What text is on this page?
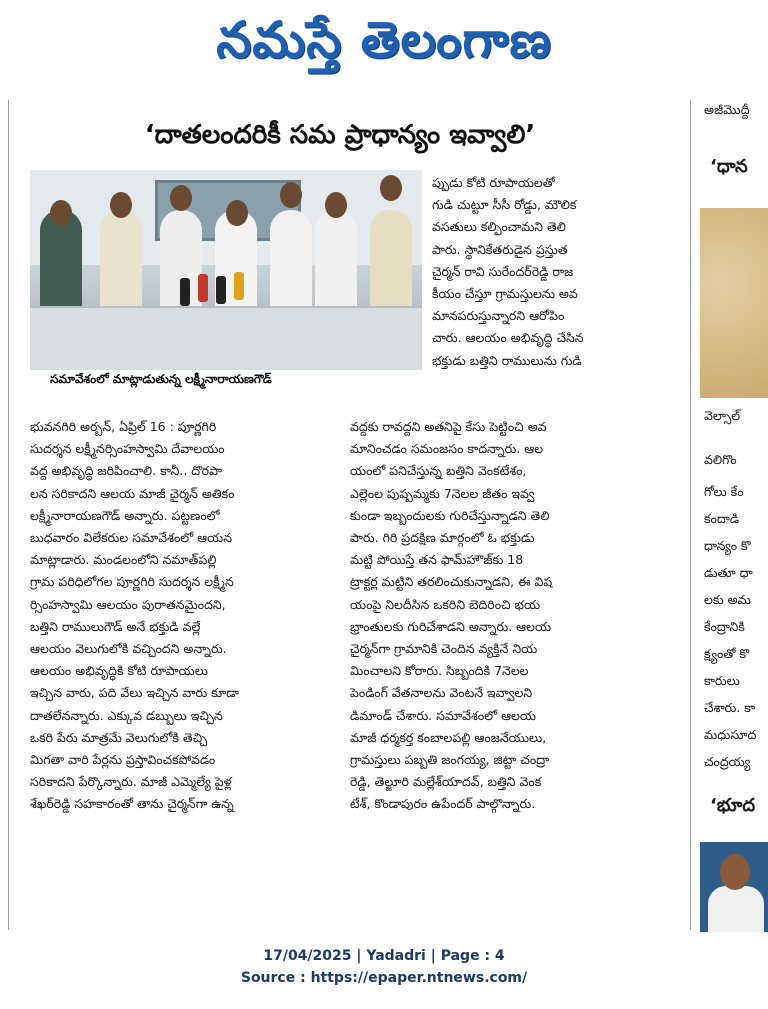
నమస్తే తెలంగాణ
‘దాతలందరికీ సమ ప్రాధాన్యం ఇవ్వాలి’
సమావేశంలో మాట్లాడుతున్న లక్ష్మీనారాయణగౌడ్
ప్పుడు కోటి రూపాయలతో
గుడి చుట్టూ సీసీ రోడ్డు, మౌలిక
వసతులు కల్పించామని తెలి
పారు. స్థానికేతరుడైన ప్రస్తుత
చైర్మన్ రావి సురేందర్‌రెడ్డి రాజ
కీయం చేస్తూ గ్రామస్తులను అవ
మానపరుస్తున్నారని ఆరోపిం
చారు. ఆలయం అభివృద్ధి చేసిన
భక్తుడు బత్తిని రాములును గుడి
భువనగిరి అర్బన్, ఏప్రిల్ 16 : పూర్ణగిరి
సుదర్శన లక్ష్మీనర్సింహస్వామి దేవాలయం
వద్ద అభివృద్ధి జరిపించాలి. కానీ.. దొరపా
లన సరికాదని ఆలయ మాజీ చైర్మన్ అతికం
లక్ష్మీనారాయణగౌడ్ అన్నారు. పట్టణంలో
బుధవారం విలేకరుల సమావేశంలో ఆయన
మాట్లాడారు. మండలంలోని నమాత్‌పల్లి
గ్రామ పరిధిలోగల పూర్ణగిరి సుదర్శన లక్ష్మీన
ర్సింహస్వామి ఆలయం పురాతనమైందని,
బత్తిని రాములుగౌడ్ అనే భక్తుడి వల్లే
ఆలయం వెలుగులోకి వచ్చిందని అన్నారు.
ఆలయం అభివృద్ధికి కోటి రూపాయలు
ఇచ్చిన వారు, పది వేలు ఇచ్చిన వారు కూడా
దాతలేనన్నారు. ఎక్కువ డబ్బులు ఇచ్చిన
ఒకరి పేరు మాత్రమే వెలుగులోకి తెచ్చి
మిగతా వారి పేర్లను ప్రస్తావించకపోవడం
సరికాదని పేర్కొన్నారు. మాజీ ఎమ్మెల్యే పైళ్ల
శేఖర్‌రెడ్డి సహకారంతో తాను చైర్మన్‌గా ఉన్న
వద్దకు రావద్దని అతనిపై కేసు పెట్టించి అవ
మానించడం సమంజసం కాదన్నారు. ఆల
యంలో పనిచేస్తున్న బత్తిని వెంకటేశం,
ఎల్లెంల పుష్పమ్మకు 7నెలల జీతం ఇవ్వ
కుండా ఇబ్బందులకు గురిచేస్తున్నాడని తెలి
పారు. గిరి ప్రదక్షిణ మార్గంలో ఓ భక్తుడు
మట్టి పోయిస్తే తన ఫామ్‌హౌజ్‌కు 18
ట్రాక్టర్ల మట్టిని తరలించుకున్నాడని, ఈ విష
యంపై నిలదీసిన ఒకరిని బెదిరించి భయ
భ్రాంతులకు గురిచేశాడని అన్నారు. ఆలయ
చైర్మన్‌గా గ్రామానికి చెందిన వ్యక్తినే నియ
మించాలని కోరారు. సిబ్బందికి 7నెలల
పెండింగ్ వేతనాలను వెంటనే ఇవ్వాలని
డిమాండ్ చేశారు. సమావేశంలో ఆలయ
మాజీ ధర్మకర్త కంబాలపల్లి ఆంజనేయులు,
గ్రామస్తులు పబ్బతి జంగయ్య, జిట్టా చంద్రా
రెడ్డి, తెల్జూరి మల్లేశ్‌యాదవ్, బత్తిని వెంక
టేశ్, కొండాపురం ఉపేందర్ పాల్గొన్నారు.
అజీమొద్దీ
‘ధాన
వెల్సాల్
వలిగొం
గోలు కేం
కందాడి
ధాన్యం కొ
డుతూ ధా
లకు అమ
కేంద్రానికి
క్ష్యంతో కొ
కారులు
చేశారు. కా
మధుసూద
చంద్రయ్య
‘భూద
17/04/2025 | Yadadri | Page : 4
Source : https://epaper.ntnews.com/
